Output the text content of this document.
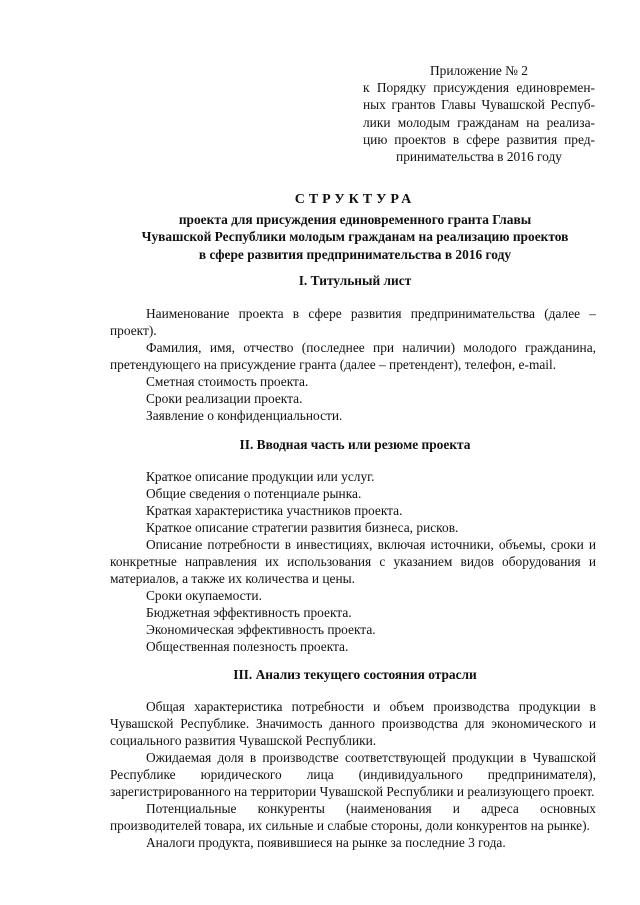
Приложение № 2
к Порядку присуждения единовремен-ных грантов Главы Чувашской Респуб-лики молодым гражданам на реализа-цию проектов в сфере развития пред-принимательства в 2016 году
СТРУКТУРА
проекта для присуждения единовременного гранта Главы
Чувашской Республики молодым гражданам на реализацию проектов
в сфере развития предпринимательства в 2016 году
I. Титульный лист
Наименование проекта в сфере развития предпринимательства (далее – проект).
Фамилия, имя, отчество (последнее при наличии) молодого гражданина, претендующего на присуждение гранта (далее – претендент), телефон, e-mail.
Сметная стоимость проекта.
Сроки реализации проекта.
Заявление о конфиденциальности.
II. Вводная часть или резюме проекта
Краткое описание продукции или услуг.
Общие сведения о потенциале рынка.
Краткая характеристика участников проекта.
Краткое описание стратегии развития бизнеса, рисков.
Описание потребности в инвестициях, включая источники, объемы, сроки и конкретные направления их использования с указанием видов оборудования и материалов, а также их количества и цены.
Сроки окупаемости.
Бюджетная эффективность проекта.
Экономическая эффективность проекта.
Общественная полезность проекта.
III. Анализ текущего состояния отрасли
Общая характеристика потребности и объем производства продукции в Чувашской Республике. Значимость данного производства для экономического и социального развития Чувашской Республики.
Ожидаемая доля в производстве соответствующей продукции в Чувашской Республике юридического лица (индивидуального предпринимателя), зарегистрированного на территории Чувашской Республики и реализующего проект.
Потенциальные конкуренты (наименования и адреса основных производителей товара, их сильные и слабые стороны, доли конкурентов на рынке).
Аналоги продукта, появившиеся на рынке за последние 3 года.
